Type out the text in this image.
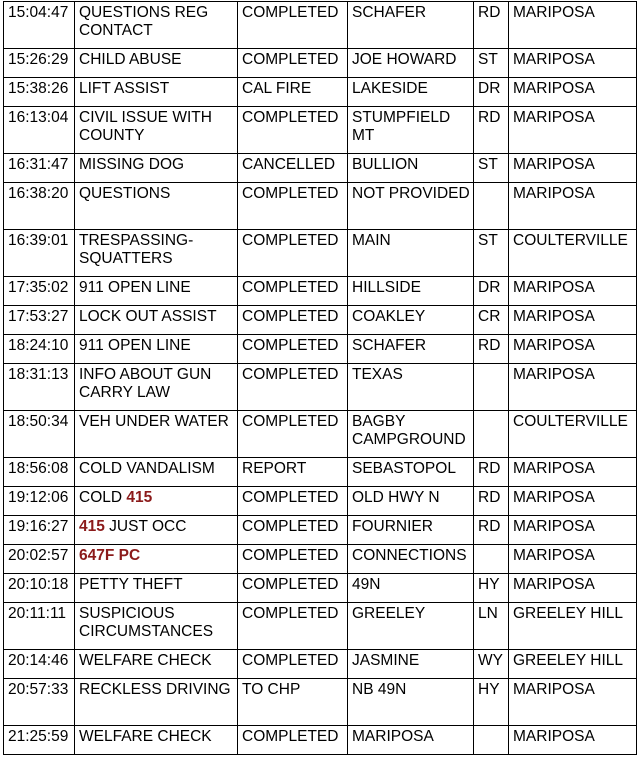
15:04:47	QUESTIONS REG CONTACT	COMPLETED	SCHAFER	RD	MARIPOSA
15:26:29	CHILD ABUSE	COMPLETED	JOE HOWARD	ST	MARIPOSA
15:38:26	LIFT ASSIST	CAL FIRE	LAKESIDE	DR	MARIPOSA
16:13:04	CIVIL ISSUE WITH COUNTY	COMPLETED	STUMPFIELD MT	RD	MARIPOSA
16:31:47	MISSING DOG	CANCELLED	BULLION	ST	MARIPOSA
16:38:20	QUESTIONS	COMPLETED	NOT PROVIDED		MARIPOSA
16:39:01	TRESPASSING-SQUATTERS	COMPLETED	MAIN	ST	COULTERVILLE
17:35:02	911 OPEN LINE	COMPLETED	HILLSIDE	DR	MARIPOSA
17:53:27	LOCK OUT ASSIST	COMPLETED	COAKLEY	CR	MARIPOSA
18:24:10	911 OPEN LINE	COMPLETED	SCHAFER	RD	MARIPOSA
18:31:13	INFO ABOUT GUN CARRY LAW	COMPLETED	TEXAS		MARIPOSA
18:50:34	VEH UNDER WATER	COMPLETED	BAGBY CAMPGROUND		COULTERVILLE
18:56:08	COLD VANDALISM	REPORT	SEBASTOPOL	RD	MARIPOSA
19:12:06	COLD 415	COMPLETED	OLD HWY N	RD	MARIPOSA
19:16:27	415 JUST OCC	COMPLETED	FOURNIER	RD	MARIPOSA
20:02:57	647F PC	COMPLETED	CONNECTIONS		MARIPOSA
20:10:18	PETTY THEFT	COMPLETED	49N	HY	MARIPOSA
20:11:11	SUSPICIOUS CIRCUMSTANCES	COMPLETED	GREELEY	LN	GREELEY HILL
20:14:46	WELFARE CHECK	COMPLETED	JASMINE	WY	GREELEY HILL
20:57:33	RECKLESS DRIVING	TO CHP	NB 49N	HY	MARIPOSA
21:25:59	WELFARE CHECK	COMPLETED	MARIPOSA		MARIPOSA
